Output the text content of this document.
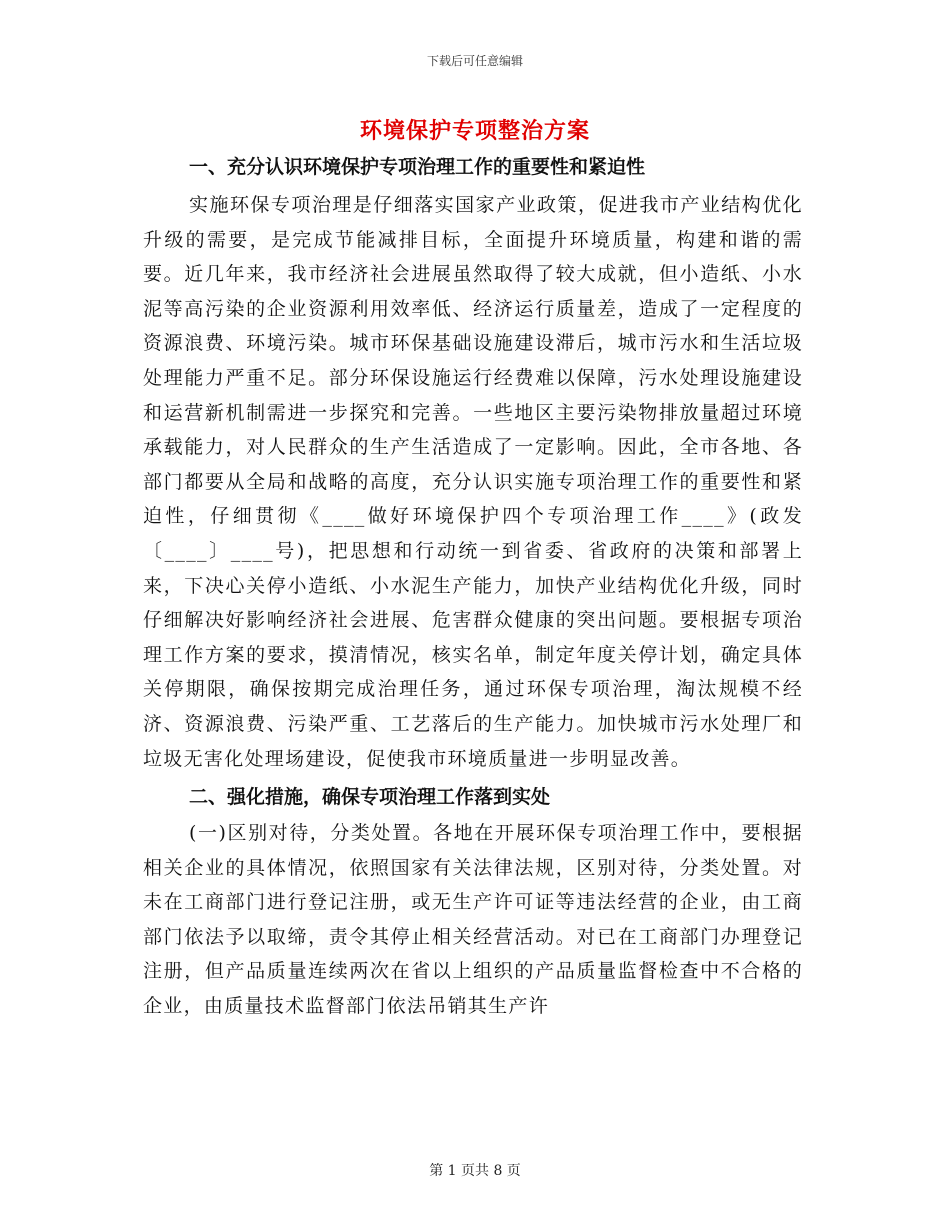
下载后可任意编辑
环境保护专项整治方案

一、充分认识环境保护专项治理工作的重要性和紧迫性

实施环保专项治理是仔细落实国家产业政策，促进我市产业结构优化升级的需要，是完成节能减排目标，全面提升环境质量，构建和谐的需要。近几年来，我市经济社会进展虽然取得了较大成就，但小造纸、小水泥等高污染的企业资源利用效率低、经济运行质量差，造成了一定程度的资源浪费、环境污染。城市环保基础设施建设滞后，城市污水和生活垃圾处理能力严重不足。部分环保设施运行经费难以保障，污水处理设施建设和运营新机制需进一步探究和完善。一些地区主要污染物排放量超过环境承载能力，对人民群众的生产生活造成了一定影响。因此，全市各地、各部门都要从全局和战略的高度，充分认识实施专项治理工作的重要性和紧迫性，仔细贯彻《____做好环境保护四个专项治理工作____》(政发〔____〕____号)，把思想和行动统一到省委、省政府的决策和部署上来，下决心关停小造纸、小水泥生产能力，加快产业结构优化升级，同时仔细解决好影响经济社会进展、危害群众健康的突出问题。要根据专项治理工作方案的要求，摸清情况，核实名单，制定年度关停计划，确定具体关停期限，确保按期完成治理任务，通过环保专项治理，淘汰规模不经济、资源浪费、污染严重、工艺落后的生产能力。加快城市污水处理厂和垃圾无害化处理场建设，促使我市环境质量进一步明显改善。

二、强化措施，确保专项治理工作落到实处

(一)区别对待，分类处置。各地在开展环保专项治理工作中，要根据相关企业的具体情况，依照国家有关法律法规，区别对待，分类处置。对未在工商部门进行登记注册，或无生产许可证等违法经营的企业，由工商部门依法予以取缔，责令其停止相关经营活动。对已在工商部门办理登记注册，但产品质量连续两次在省以上组织的产品质量监督检查中不合格的企业，由质量技术监督部门依法吊销其生产许

第 1 页共 8 页
